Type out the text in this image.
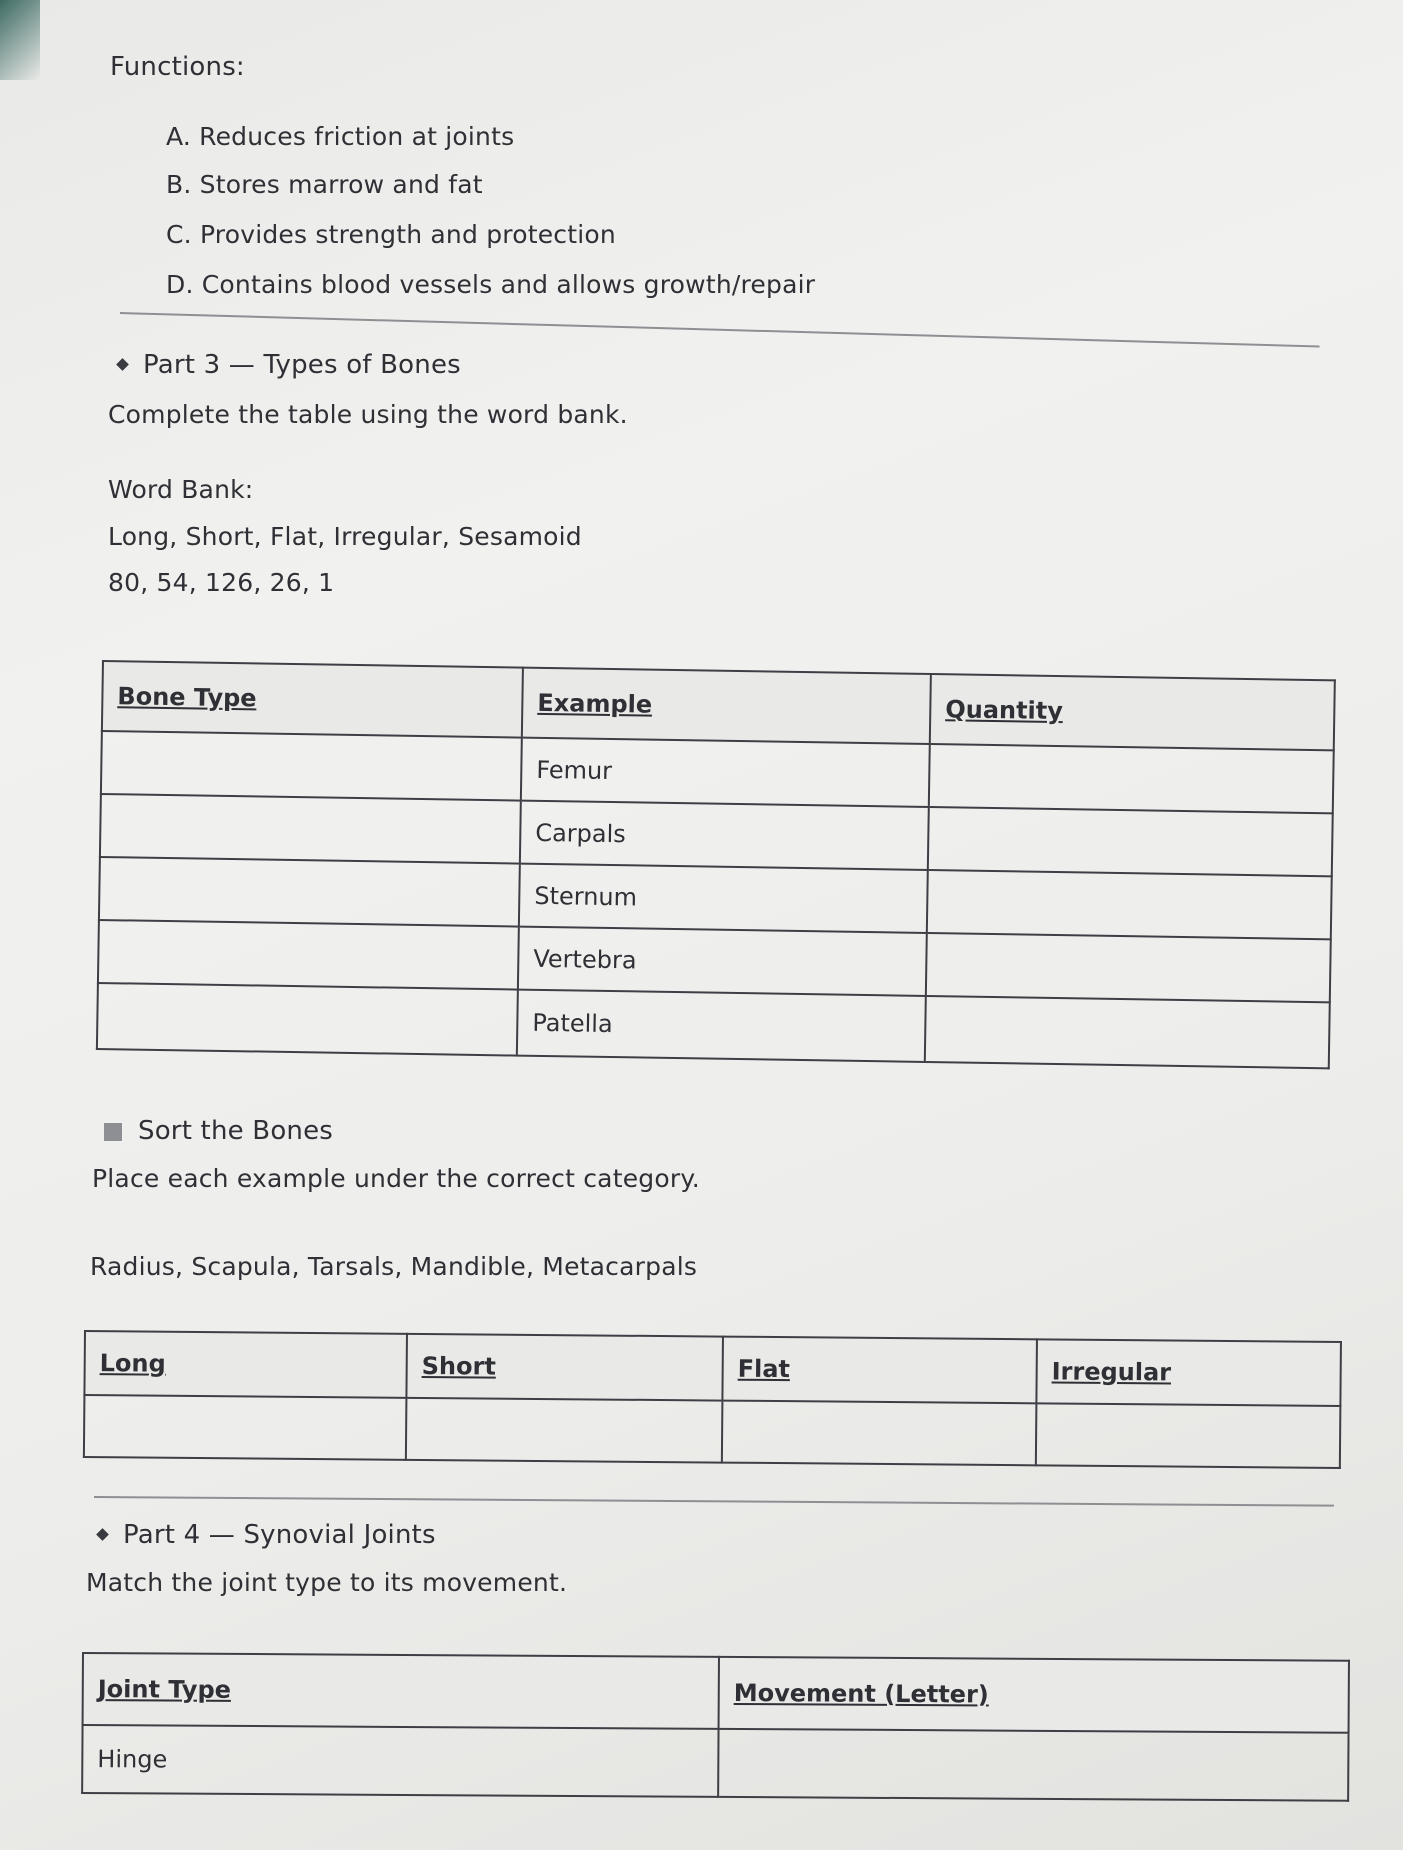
Functions:
A. Reduces friction at joints
B. Stores marrow and fat
C. Provides strength and protection
D. Contains blood vessels and allows growth/repair
Part 3 — Types of Bones
Complete the table using the word bank.
Word Bank:
Long, Short, Flat, Irregular, Sesamoid
80, 54, 126, 26, 1
Bone Type	Example	Quantity
	Femur	
	Carpals	
	Sternum	
	Vertebra	
	Patella	
Sort the Bones
Place each example under the correct category.
Radius, Scapula, Tarsals, Mandible, Metacarpals
Long	Short	Flat	Irregular

Part 4 — Synovial Joints
Match the joint type to its movement.
Joint Type	Movement (Letter)
Hinge	
